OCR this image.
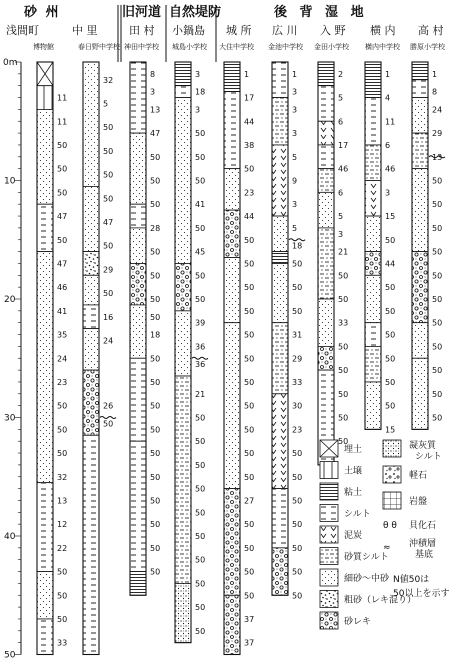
砂 州	旧河道 自然堤防	後 背 湿 地
浅間町	中 里	田 村 小鍋島 城 所 広 川 入 野 横 内 高 村
博物館	春日野中学校 神田中学校 城島小学校 大住中学校 金池中学校 金田小学校 横内中学校 勝原小学校
0m
10
20
30
40
50
11
11
50
50
50
47
50
47
46
41
35
24
23
50
50
50
32
13
12
22
50
50
50
33
32
5
50
50
50
50
47
50
29
50
16
24
26
50
8
3
13
47
50
50
50
28
50
50
50
50
18
50
50
50
50
50
50
50
50
50
50
3
18
3
50
50
50
41
50
45
50
50
39
36
36
21
50
50
50
50
50
50
50
50
50
50
1
17
44
38
50
23
44
50
50
50
50
50
50
50
50
50
50
50
27
50
50
50
50
37
37
1
3
3
3
5
9
3
5
18
50
50
50
31
29
33
30
23
50
50
50
50
50
50
50
2
5
6
17
46
6
5
3
21
50
50
33
50
50
50
50
50
1
4
11
6
46
3
15
50
44
50
50
50
50
50
50
15
1
8
24
29
13
50
50
50
50
50
50
50
50
50
50
50
埋土
土壌
粘土
シルト
泥炭
砂質シルト
細砂～中砂
粗砂（レキ混り）
砂レキ
凝灰質
シルト
軽石
岩盤
θ θ 貝化石
≈ 沖積層
基底
N値50は
50以上を示す
